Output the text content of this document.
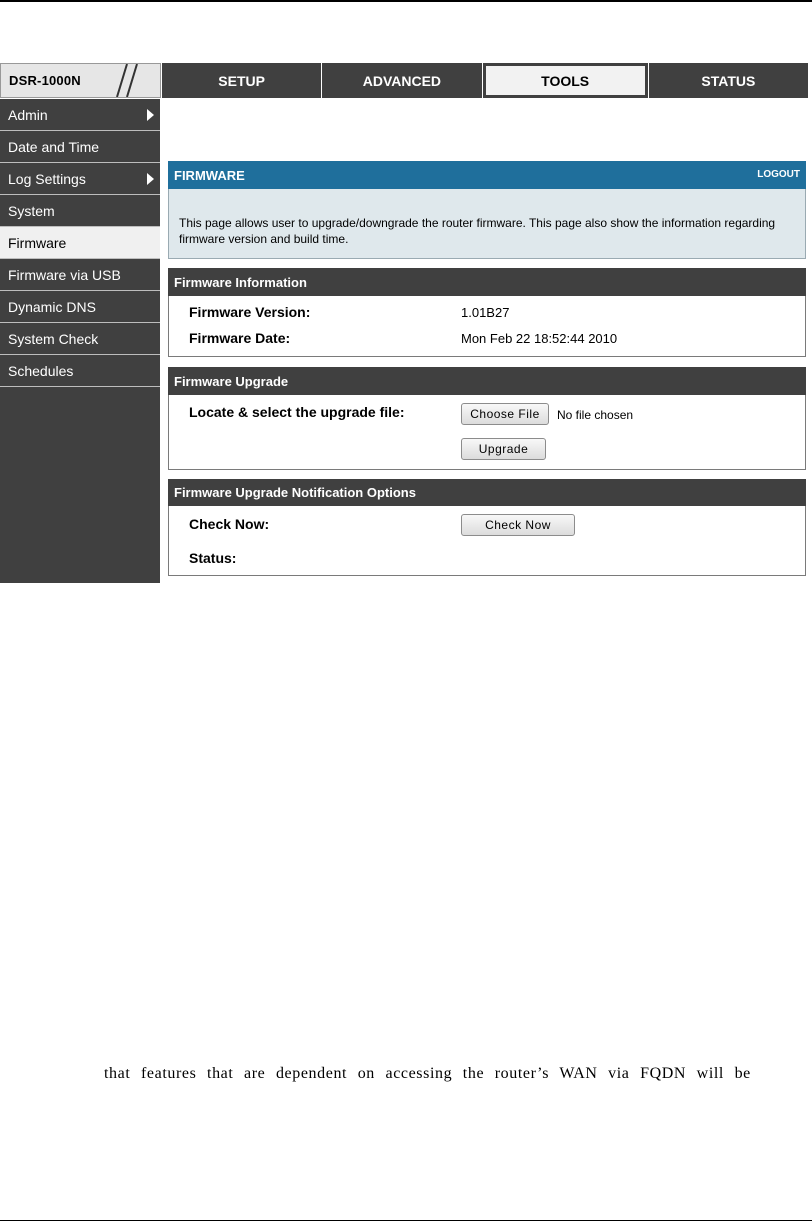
DSR-1000N	SETUP	ADVANCED	TOOLS	STATUS
Admin
Date and Time
Log Settings
System
Firmware
Firmware via USB
Dynamic DNS
System Check
Schedules
FIRMWARE	LOGOUT
This page allows user to upgrade/downgrade the router firmware. This page also show the information regarding firmware version and build time.
Firmware Information
Firmware Version:	1.01B27
Firmware Date:	Mon Feb 22 18:52:44 2010
Firmware Upgrade
Locate & select the upgrade file:	Choose File	No file chosen
Upgrade
Firmware Upgrade Notification Options
Check Now:	Check Now
Status:
that features that are dependent on accessing the router’s WAN via FQDN will be
